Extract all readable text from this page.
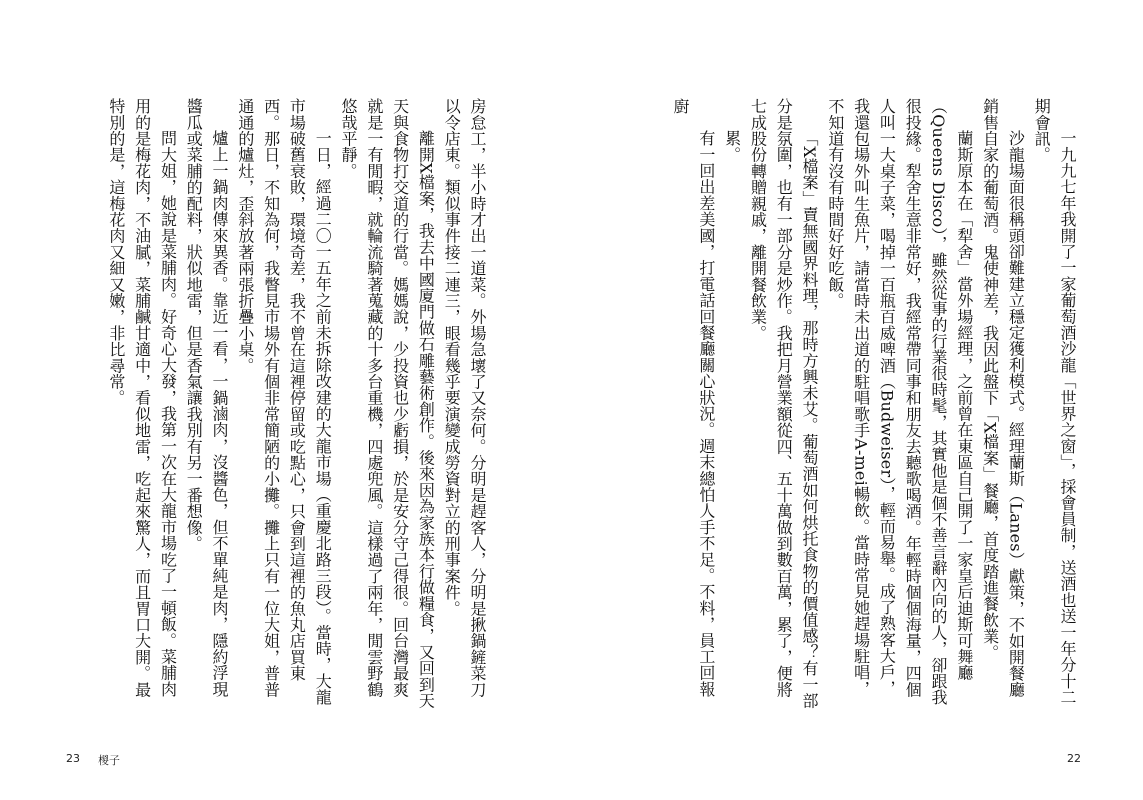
房怠工，半小時才出一道菜。外場急壞了又奈何。分明是趕客人，分明是揪鍋鏟菜刀以令店東。類似事件接二連三，眼看幾乎要演變成勞資對立的刑事案件。

離開X檔案，我去中國廈門做石雕藝術創作。後來因為家族本行做糧食，又回到天天與食物打交道的行當。媽媽說，少投資也少虧損，於是安分守己得很。回台灣最爽就是一有閒暇，就輪流騎著蒐藏的十多台重機，四處兜風。這樣過了兩年，閒雲野鶴悠哉平靜。

一日，經過二〇一五年之前未拆除改建的大龍市場（重慶北路三段）。當時，大龍市場破舊衰敗，環境奇差，我不曾在這裡停留或吃點心，只會到這裡的魚丸店買東西。那日，不知為何，我瞥見市場外有個非常簡陋的小攤。攤上只有一位大姐，普普通通的爐灶，歪斜放著兩張折疊小桌。

爐上一鍋肉傳來異香。靠近一看，一鍋滷肉，沒醬色，但不單純是肉，隱約浮現醬瓜或菜脯的配料，狀似地雷，但是香氣讓我別有另一番想像。

問大姐，她說是菜脯肉。好奇心大發，我第一次在大龍市場吃了一頓飯。菜脯肉用的是梅花肉，不油膩，菜脯鹹甘適中，看似地雷，吃起來驚人，而且胃口大開。最特別的是，這梅花肉又細又嫩，非比尋常。

23 椶子

一九九七年我開了一家葡萄酒沙龍「世界之窗」，採會員制，送酒也送一年分十二期會訊。

沙龍場面很稱頭卻難建立穩定獲利模式。經理蘭斯（Lanes）獻策，不如開餐廳銷售自家的葡萄酒。鬼使神差，我因此盤下「X檔案」餐廳，首度踏進餐飲業。

蘭斯原本在「犁舍」當外場經理，之前曾在東區自己開了一家皇后迪斯可舞廳（Queens Disco），雖然從事的行業很時髦，其實他是個不善言辭內向的人，卻跟我很投緣。犁舍生意非常好，我經常帶同事和朋友去聽歌喝酒。年輕時個個海量，四個人叫一大桌子菜，喝掉一百瓶百威啤酒（Budweiser），輕而易舉。成了熟客大戶，我還包場外叫生魚片，請當時未出道的駐唱歌手A-mei暢飲。當時常見她趕場駐唱，不知道有沒有時間好好吃飯。

「X檔案」賣無國界料理，那時方興未艾。葡萄酒如何烘托食物的價值感？有一部分是氛圍，也有一部分是炒作。我把月營業額從四、五十萬做到數百萬，累了，便將七成股份轉贈親戚，離開餐飲業。

累。

有一回出差美國，打電話回餐廳關心狀況。週末總怕人手不足。不料，員工回報廚

22
